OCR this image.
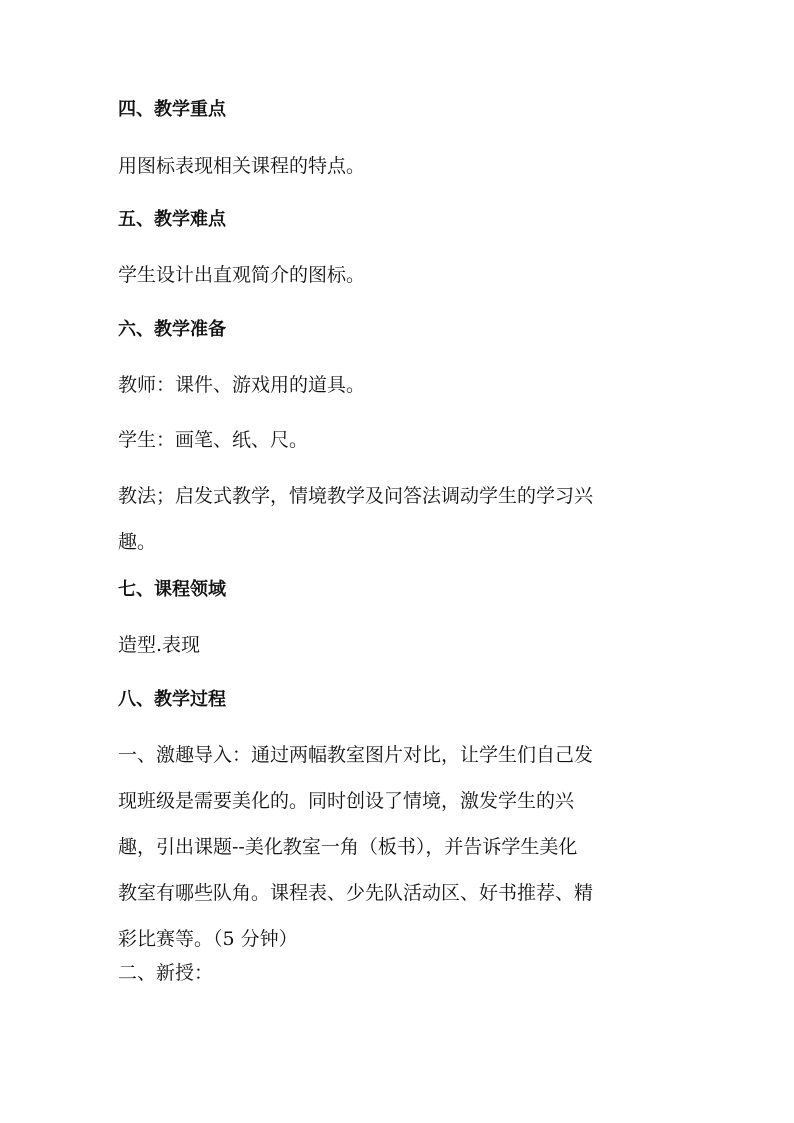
四、教学重点

用图标表现相关课程的特点。

五、教学难点

学生设计出直观简介的图标。

六、教学准备

教师：课件、游戏用的道具。

学生：画笔、纸、尺。

教法；启发式教学，情境教学及问答法调动学生的学习兴
趣。

七、课程领域

造型.表现

八、教学过程

一、激趣导入：通过两幅教室图片对比，让学生们自己发
现班级是需要美化的。同时创设了情境，激发学生的兴
趣，引出课题--美化教室一角（板书），并告诉学生美化
教室有哪些队角。课程表、少先队活动区、好书推荐、精
彩比赛等。（5 分钟）

二、新授：
